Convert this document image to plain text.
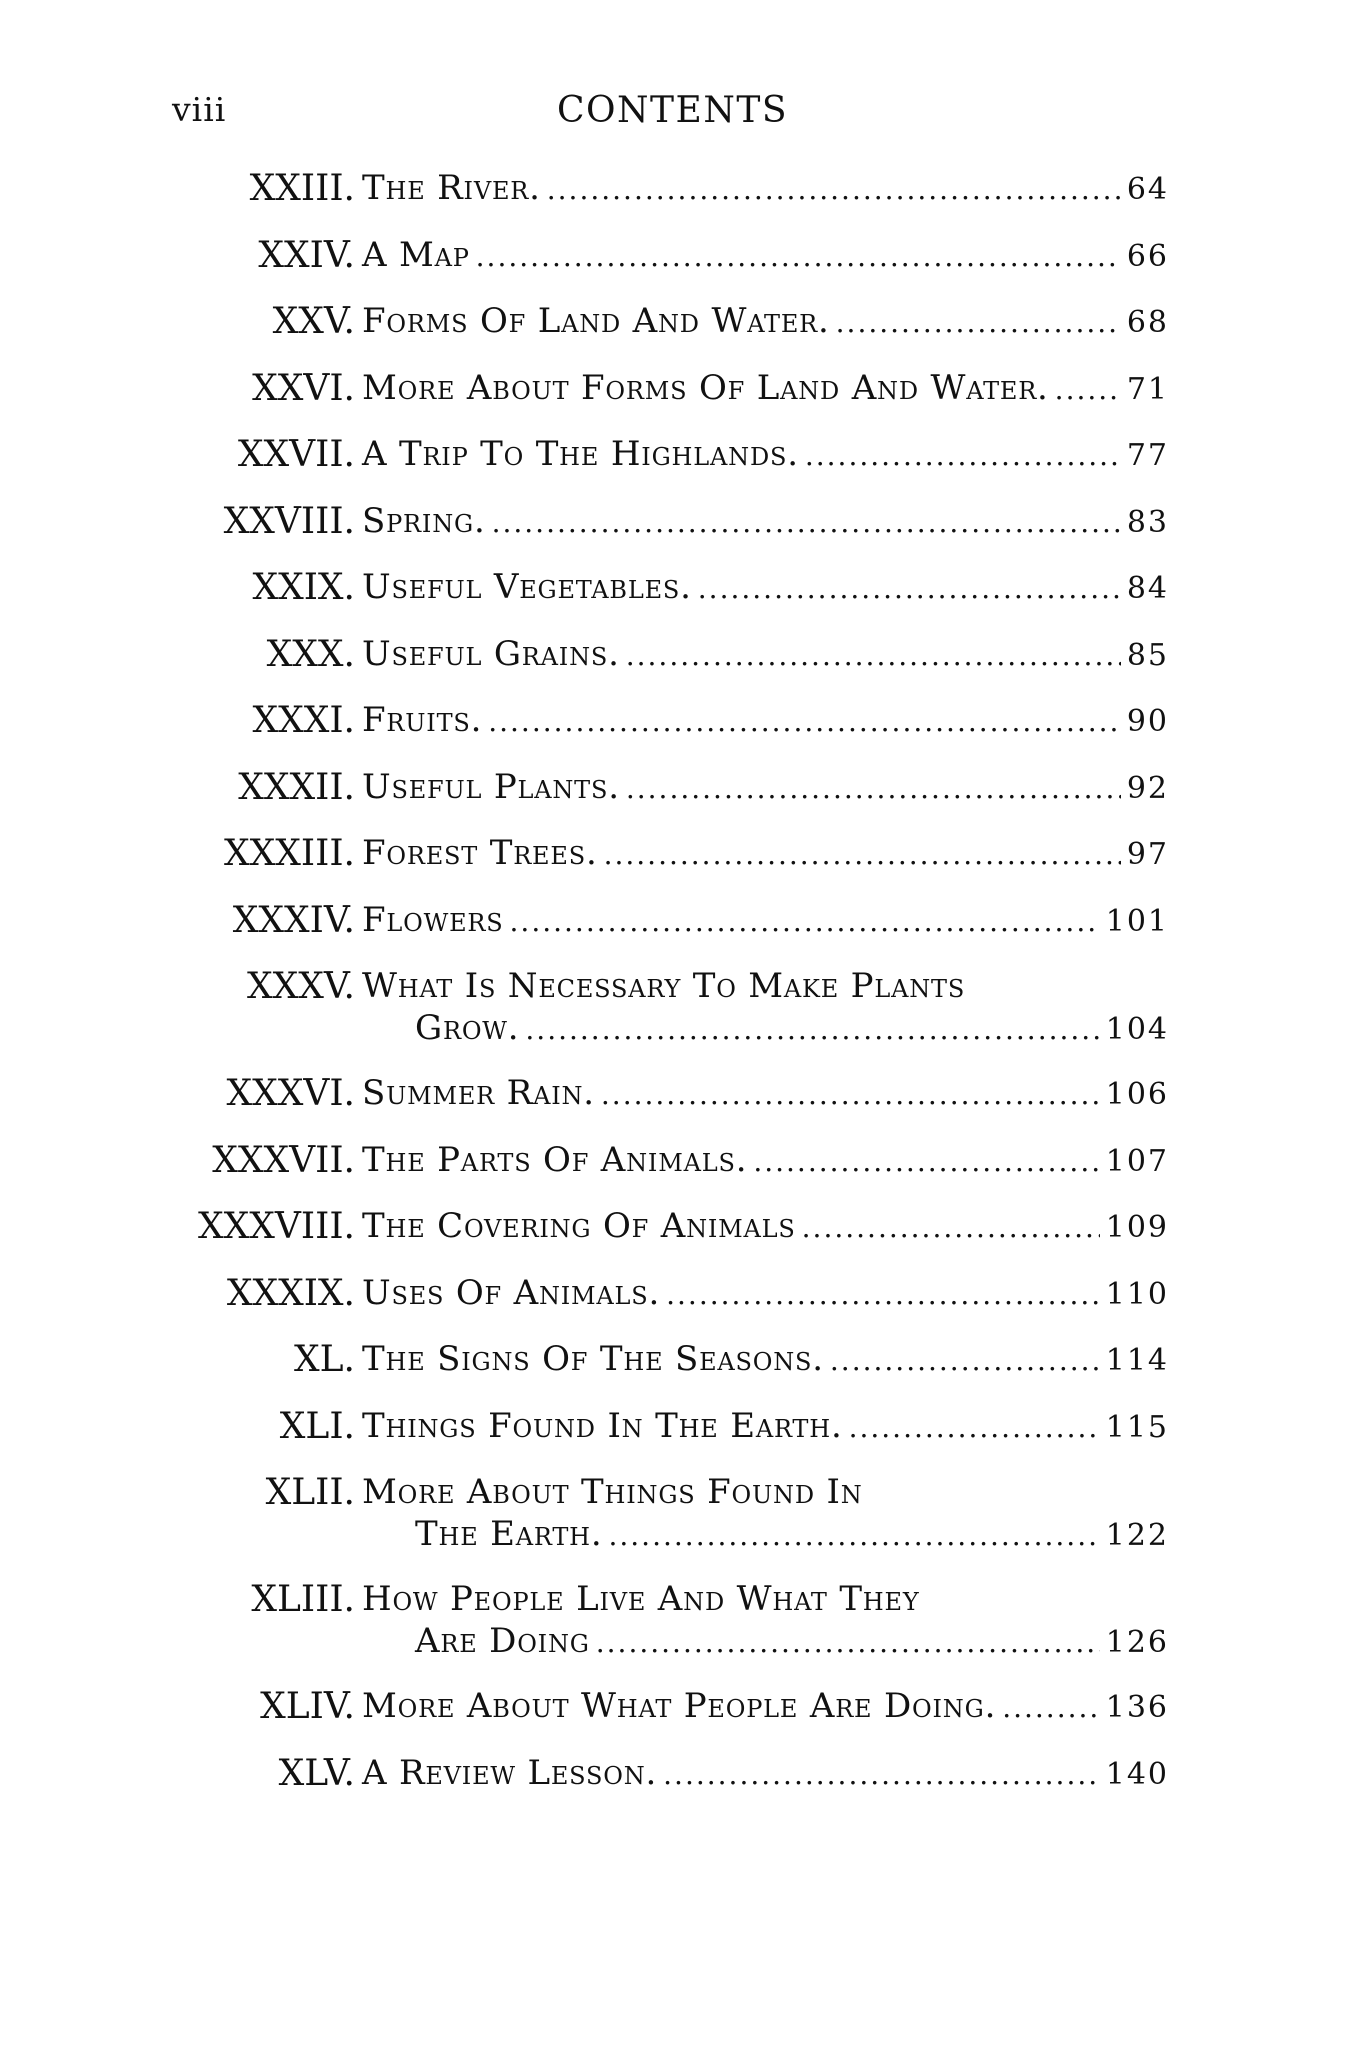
viii	CONTENTS
XXIII. The River. .....	64
XXIV. A Map .....	66
XXV. Forms Of Land And Water. .....	68
XXVI. More About Forms Of Land And Water. .....	71
XXVII. A Trip To The Highlands. .....	77
XXVIII. Spring. .....	83
XXIX. Useful Vegetables. .....	84
XXX. Useful Grains. .....	85
XXXI. Fruits. .....	90
XXXII. Useful Plants. .....	92
XXXIII. Forest Trees. .....	97
XXXIV. Flowers .....	101
XXXV. What Is Necessary To Make Plants
Grow. .....	104
XXXVI. Summer Rain. .....	106
XXXVII. The Parts Of Animals. .....	107
XXXVIII. The Covering Of Animals .....	109
XXXIX. Uses Of Animals. .....	110
XL. The Signs Of The Seasons. .....	114
XLI. Things Found In The Earth. .....	115
XLII. More About Things Found In
The Earth. .....	122
XLIII. How People Live And What They
Are Doing .....	126
XLIV. More About What People Are Doing. .....	136
XLV. A Review Lesson. .....	140
